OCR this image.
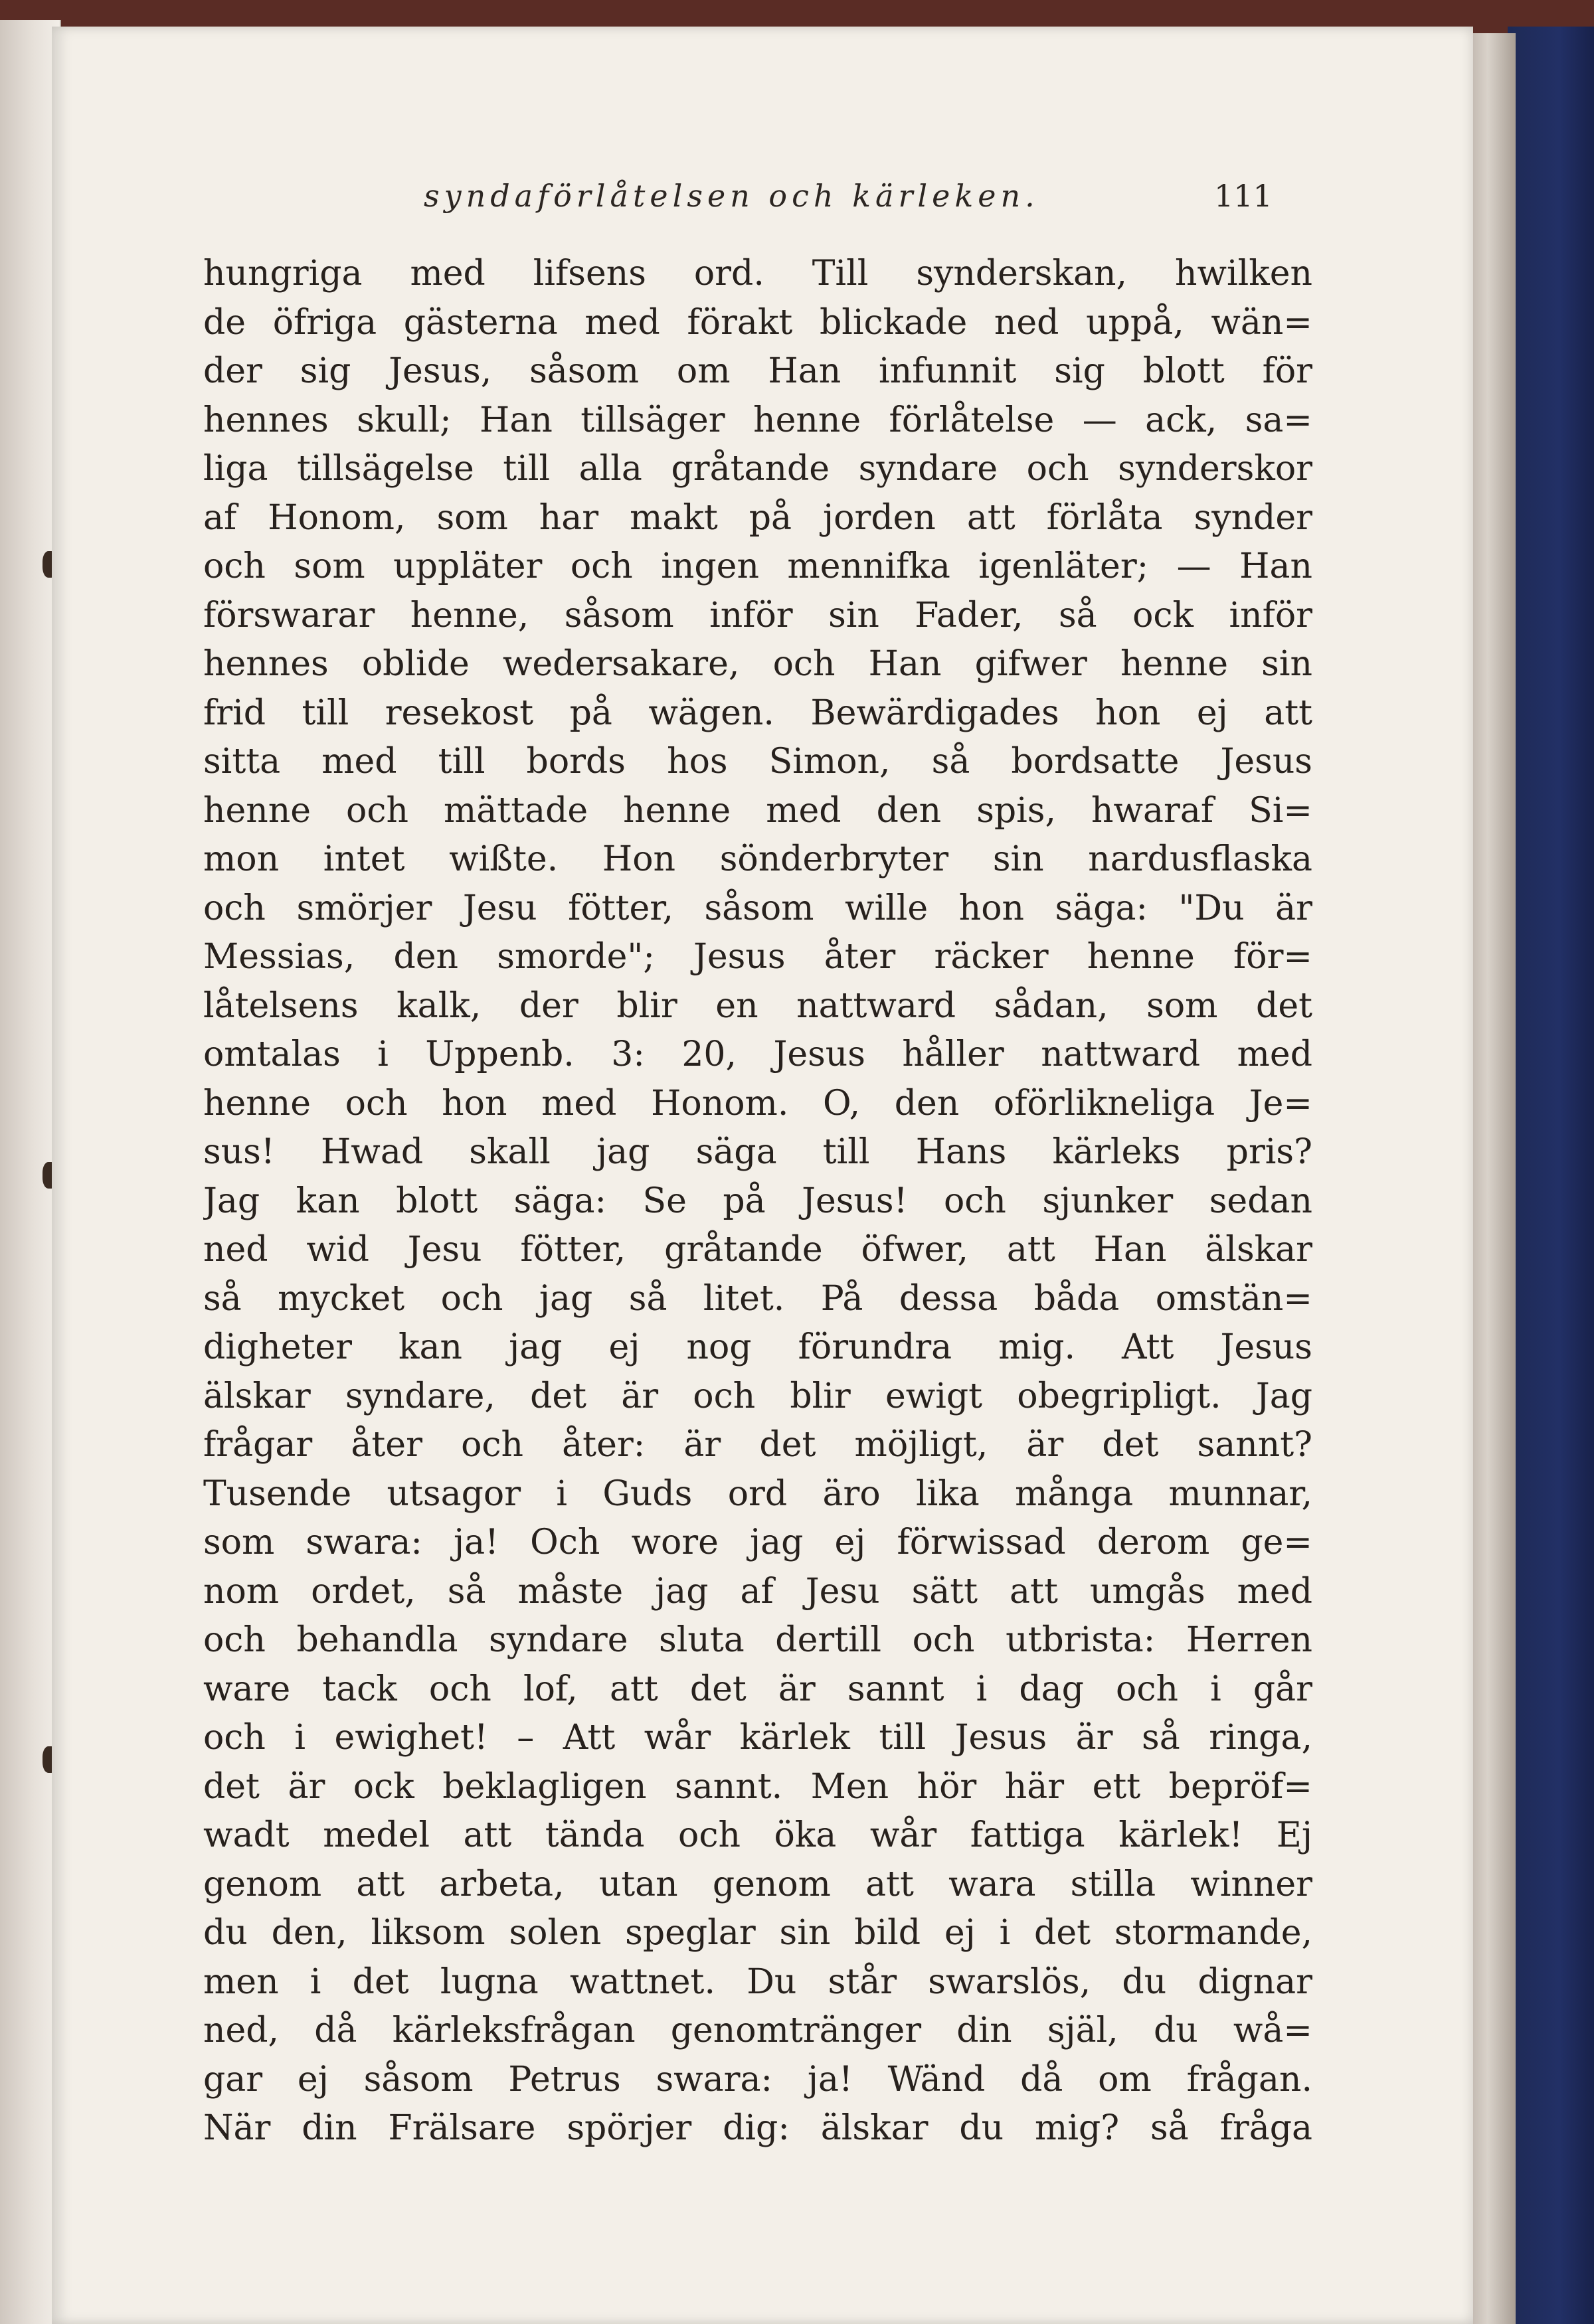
syndaförlåtelsen och kärleken.	111
hungriga med lifsens ord. Till synderskan, hwilken
de öfriga gästerna med förakt blickade ned uppå, wän=
der sig Jesus, såsom om Han infunnit sig blott för
hennes skull; Han tillsäger henne förlåtelse — ack, sa=
liga tillsägelse till alla gråtande syndare och synderskor
af Honom, som har makt på jorden att förlåta synder
och som uppläter och ingen mennifka igenläter; — Han
förswarar henne, såsom inför sin Fader, så ock inför
hennes oblide wedersakare, och Han gifwer henne sin
frid till resekost på wägen. Bewärdigades hon ej att
sitta med till bords hos Simon, så bordsatte Jesus
henne och mättade henne med den spis, hwaraf Si=
mon intet wißte. Hon sönderbryter sin nardusflaska
och smörjer Jesu fötter, såsom wille hon säga: "Du är
Messias, den smorde"; Jesus åter räcker henne för=
låtelsens kalk, der blir en nattward sådan, som det
omtalas i Uppenb. 3: 20, Jesus håller nattward med
henne och hon med Honom. O, den oförlikneliga Je=
sus! Hwad skall jag säga till Hans kärleks pris?
Jag kan blott säga: Se på Jesus! och sjunker sedan
ned wid Jesu fötter, gråtande öfwer, att Han älskar
så mycket och jag så litet. På dessa båda omstän=
digheter kan jag ej nog förundra mig. Att Jesus
älskar syndare, det är och blir ewigt obegripligt. Jag
frågar åter och åter: är det möjligt, är det sannt?
Tusende utsagor i Guds ord äro lika många munnar,
som swara: ja! Och wore jag ej förwissad derom ge=
nom ordet, så måste jag af Jesu sätt att umgås med
och behandla syndare sluta dertill och utbrista: Herren
ware tack och lof, att det är sannt i dag och i går
och i ewighet! – Att wår kärlek till Jesus är så ringa,
det är ock beklagligen sannt. Men hör här ett bepröf=
wadt medel att tända och öka wår fattiga kärlek! Ej
genom att arbeta, utan genom att wara stilla winner
du den, liksom solen speglar sin bild ej i det stormande,
men i det lugna wattnet. Du står swarslös, du dignar
ned, då kärleksfrågan genomtränger din själ, du wå=
gar ej såsom Petrus swara: ja! Wänd då om frågan.
När din Frälsare spörjer dig: älskar du mig? så fråga
